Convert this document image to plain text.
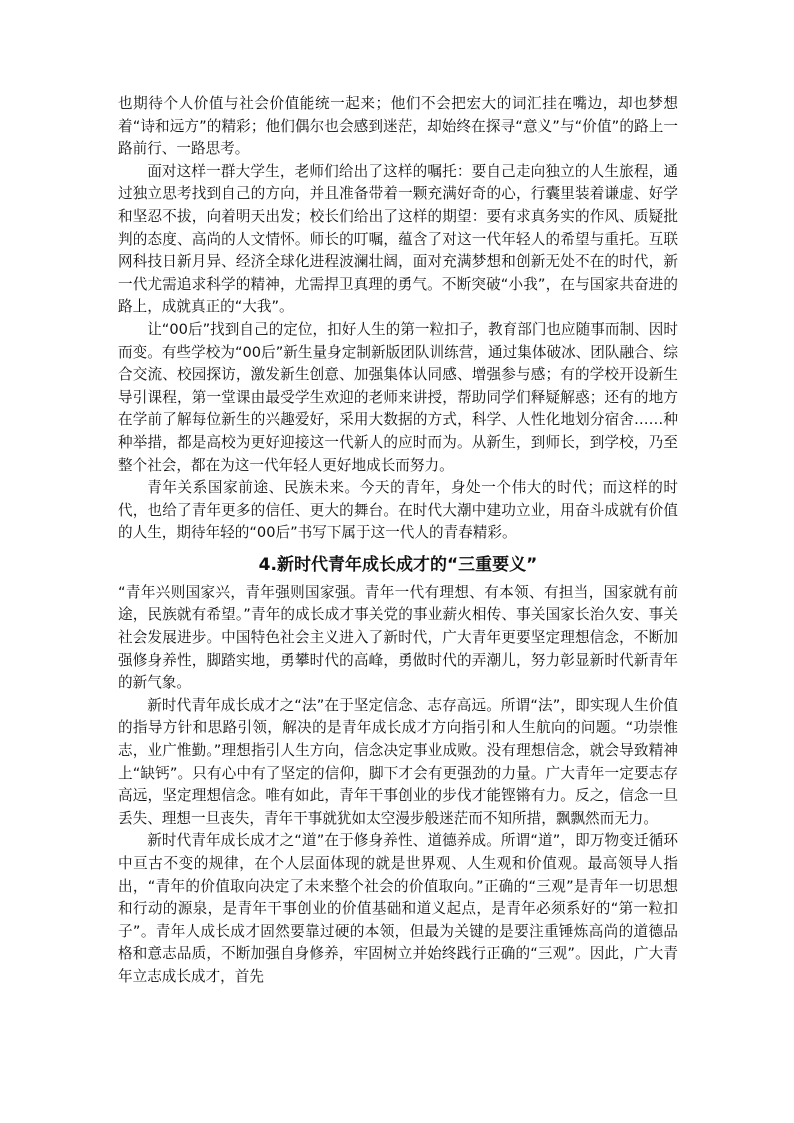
也期待个人价值与社会价值能统一起来；他们不会把宏大的词汇挂在嘴边，却也梦想着“诗和远方”的精彩；他们偶尔也会感到迷茫，却始终在探寻“意义”与“价值”的路上一路前行、一路思考。

面对这样一群大学生，老师们给出了这样的嘱托：要自己走向独立的人生旅程，通过独立思考找到自己的方向，并且准备带着一颗充满好奇的心，行囊里装着谦虚、好学和坚忍不拔，向着明天出发；校长们给出了这样的期望：要有求真务实的作风、质疑批判的态度、高尚的人文情怀。师长的叮嘱，蕴含了对这一代年轻人的希望与重托。互联网科技日新月异、经济全球化进程波澜壮阔，面对充满梦想和创新无处不在的时代，新一代尤需追求科学的精神，尤需捍卫真理的勇气。不断突破“小我”，在与国家共奋进的路上，成就真正的“大我”。

让“00后”找到自己的定位，扣好人生的第一粒扣子，教育部门也应随事而制、因时而变。有些学校为“00后”新生量身定制新版团队训练营，通过集体破冰、团队融合、综合交流、校园探访，激发新生创意、加强集体认同感、增强参与感；有的学校开设新生导引课程，第一堂课由最受学生欢迎的老师来讲授，帮助同学们释疑解惑；还有的地方在学前了解每位新生的兴趣爱好，采用大数据的方式，科学、人性化地划分宿舍……种种举措，都是高校为更好迎接这一代新人的应时而为。从新生，到师长，到学校，乃至整个社会，都在为这一代年轻人更好地成长而努力。

青年关系国家前途、民族未来。今天的青年，身处一个伟大的时代；而这样的时代，也给了青年更多的信任、更大的舞台。在时代大潮中建功立业，用奋斗成就有价值的人生，期待年轻的“00后”书写下属于这一代人的青春精彩。

4.新时代青年成长成才的“三重要义”

“青年兴则国家兴，青年强则国家强。青年一代有理想、有本领、有担当，国家就有前途，民族就有希望。”青年的成长成才事关党的事业薪火相传、事关国家长治久安、事关社会发展进步。中国特色社会主义进入了新时代，广大青年更要坚定理想信念，不断加强修身养性，脚踏实地，勇攀时代的高峰，勇做时代的弄潮儿，努力彰显新时代新青年的新气象。

新时代青年成长成才之“法”在于坚定信念、志存高远。所谓“法”，即实现人生价值的指导方针和思路引领，解决的是青年成长成才方向指引和人生航向的问题。“功崇惟志，业广惟勤。”理想指引人生方向，信念决定事业成败。没有理想信念，就会导致精神上“缺钙”。只有心中有了坚定的信仰，脚下才会有更强劲的力量。广大青年一定要志存高远，坚定理想信念。唯有如此，青年干事创业的步伐才能铿锵有力。反之，信念一旦丢失、理想一旦丧失，青年干事就犹如太空漫步般迷茫而不知所措，飘飘然而无力。

新时代青年成长成才之“道”在于修身养性、道德养成。所谓“道”，即万物变迁循环中亘古不变的规律，在个人层面体现的就是世界观、人生观和价值观。最高领导人指出，“青年的价值取向决定了未来整个社会的价值取向。”正确的“三观”是青年一切思想和行动的源泉，是青年干事创业的价值基础和道义起点，是青年必须系好的“第一粒扣子”。青年人成长成才固然要靠过硬的本领，但最为关键的是要注重锤炼高尚的道德品格和意志品质，不断加强自身修养，牢固树立并始终践行正确的“三观”。因此，广大青年立志成长成才，首先
